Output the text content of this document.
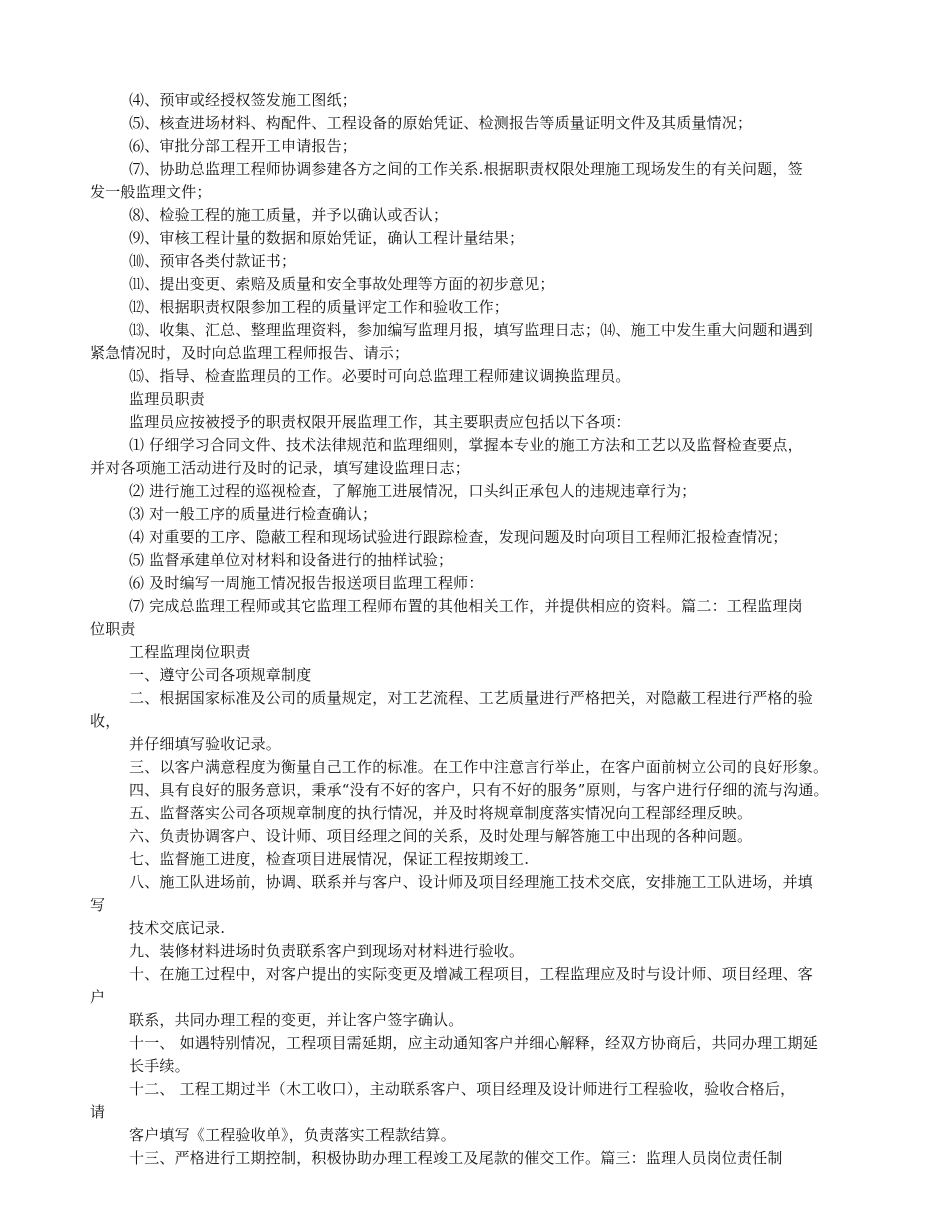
⑷、预审或经授权签发施工图纸；
⑸、核查进场材料、构配件、工程设备的原始凭证、检测报告等质量证明文件及其质量情况；
⑹、审批分部工程开工申请报告；
⑺、协助总监理工程师协调参建各方之间的工作关系.根据职责权限处理施工现场发生的有关问题，签
发一般监理文件；
⑻、检验工程的施工质量，并予以确认或否认；
⑼、审核工程计量的数据和原始凭证，确认工程计量结果；
⑽、预审各类付款证书；
⑾、提出变更、索赔及质量和安全事故处理等方面的初步意见；
⑿、根据职责权限参加工程的质量评定工作和验收工作；
⒀、收集、汇总、整理监理资料，参加编写监理月报，填写监理日志；⒁、施工中发生重大问题和遇到
紧急情况时，及时向总监理工程师报告、请示；
⒂、指导、检查监理员的工作。必要时可向总监理工程师建议调换监理员。
监理员职责
监理员应按被授予的职责权限开展监理工作，其主要职责应包括以下各项：
⑴ 仔细学习合同文件、技术法律规范和监理细则，掌握本专业的施工方法和工艺以及监督检查要点，
并对各项施工活动进行及时的记录，填写建设监理日志；
⑵ 进行施工过程的巡视检查，了解施工进展情况，口头纠正承包人的违规违章行为；
⑶ 对一般工序的质量进行检查确认；
⑷ 对重要的工序、隐蔽工程和现场试验进行跟踪检查，发现问题及时向项目工程师汇报检查情况；
⑸ 监督承建单位对材料和设备进行的抽样试验；
⑹ 及时编写一周施工情况报告报送项目监理工程师：
⑺ 完成总监理工程师或其它监理工程师布置的其他相关工作，并提供相应的资料。篇二：工程监理岗
位职责
工程监理岗位职责
一、遵守公司各项规章制度
二、根据国家标准及公司的质量规定，对工艺流程、工艺质量进行严格把关，对隐蔽工程进行严格的验
收，
并仔细填写验收记录。
三、以客户满意程度为衡量自己工作的标准。在工作中注意言行举止，在客户面前树立公司的良好形象。
四、具有良好的服务意识，秉承“没有不好的客户，只有不好的服务”原则，与客户进行仔细的流与沟通。
五、监督落实公司各项规章制度的执行情况，并及时将规章制度落实情况向工程部经理反映。
六、负责协调客户、设计师、项目经理之间的关系，及时处理与解答施工中出现的各种问题。
七、监督施工进度，检查项目进展情况，保证工程按期竣工.
八、施工队进场前，协调、联系并与客户、设计师及项目经理施工技术交底，安排施工工队进场，并填
写
技术交底记录.
九、装修材料进场时负责联系客户到现场对材料进行验收。
十、在施工过程中，对客户提出的实际变更及增减工程项目，工程监理应及时与设计师、项目经理、客
户
联系，共同办理工程的变更，并让客户签字确认。
十一、 如遇特别情况，工程项目需延期，应主动通知客户并细心解释，经双方协商后，共同办理工期延
长手续。
十二、 工程工期过半（木工收口），主动联系客户、项目经理及设计师进行工程验收，验收合格后，
请
客户填写《工程验收单》，负责落实工程款结算。
十三、严格进行工期控制，积极协助办理工程竣工及尾款的催交工作。篇三：监理人员岗位责任制
